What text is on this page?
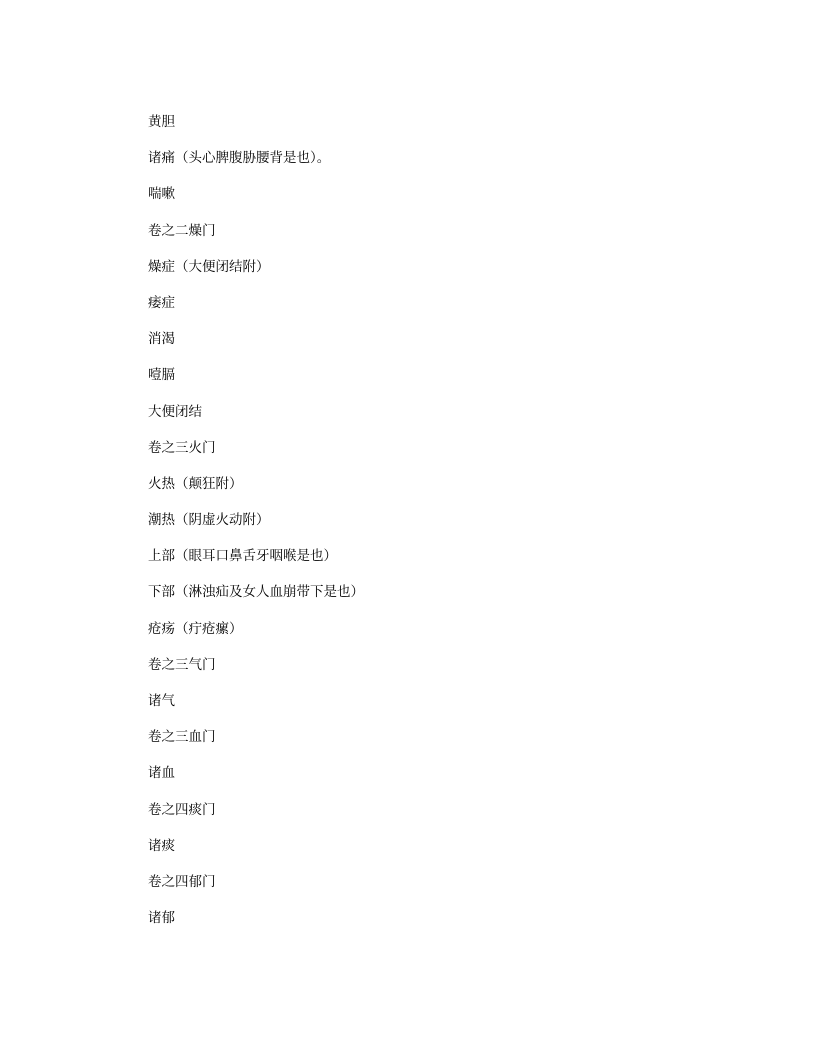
黄胆
诸痛（头心脾腹胁腰背是也）。
喘嗽
卷之二燥门
燥症（大便闭结附）
痿症
消渴
噎膈
大便闭结
卷之三火门
火热（颠狂附）
潮热（阴虚火动附）
上部（眼耳口鼻舌牙咽喉是也）
下部（淋浊疝及女人血崩带下是也）
疮疡（疔疮瘰）
卷之三气门
诸气
卷之三血门
诸血
卷之四痰门
诸痰
卷之四郁门
诸郁
